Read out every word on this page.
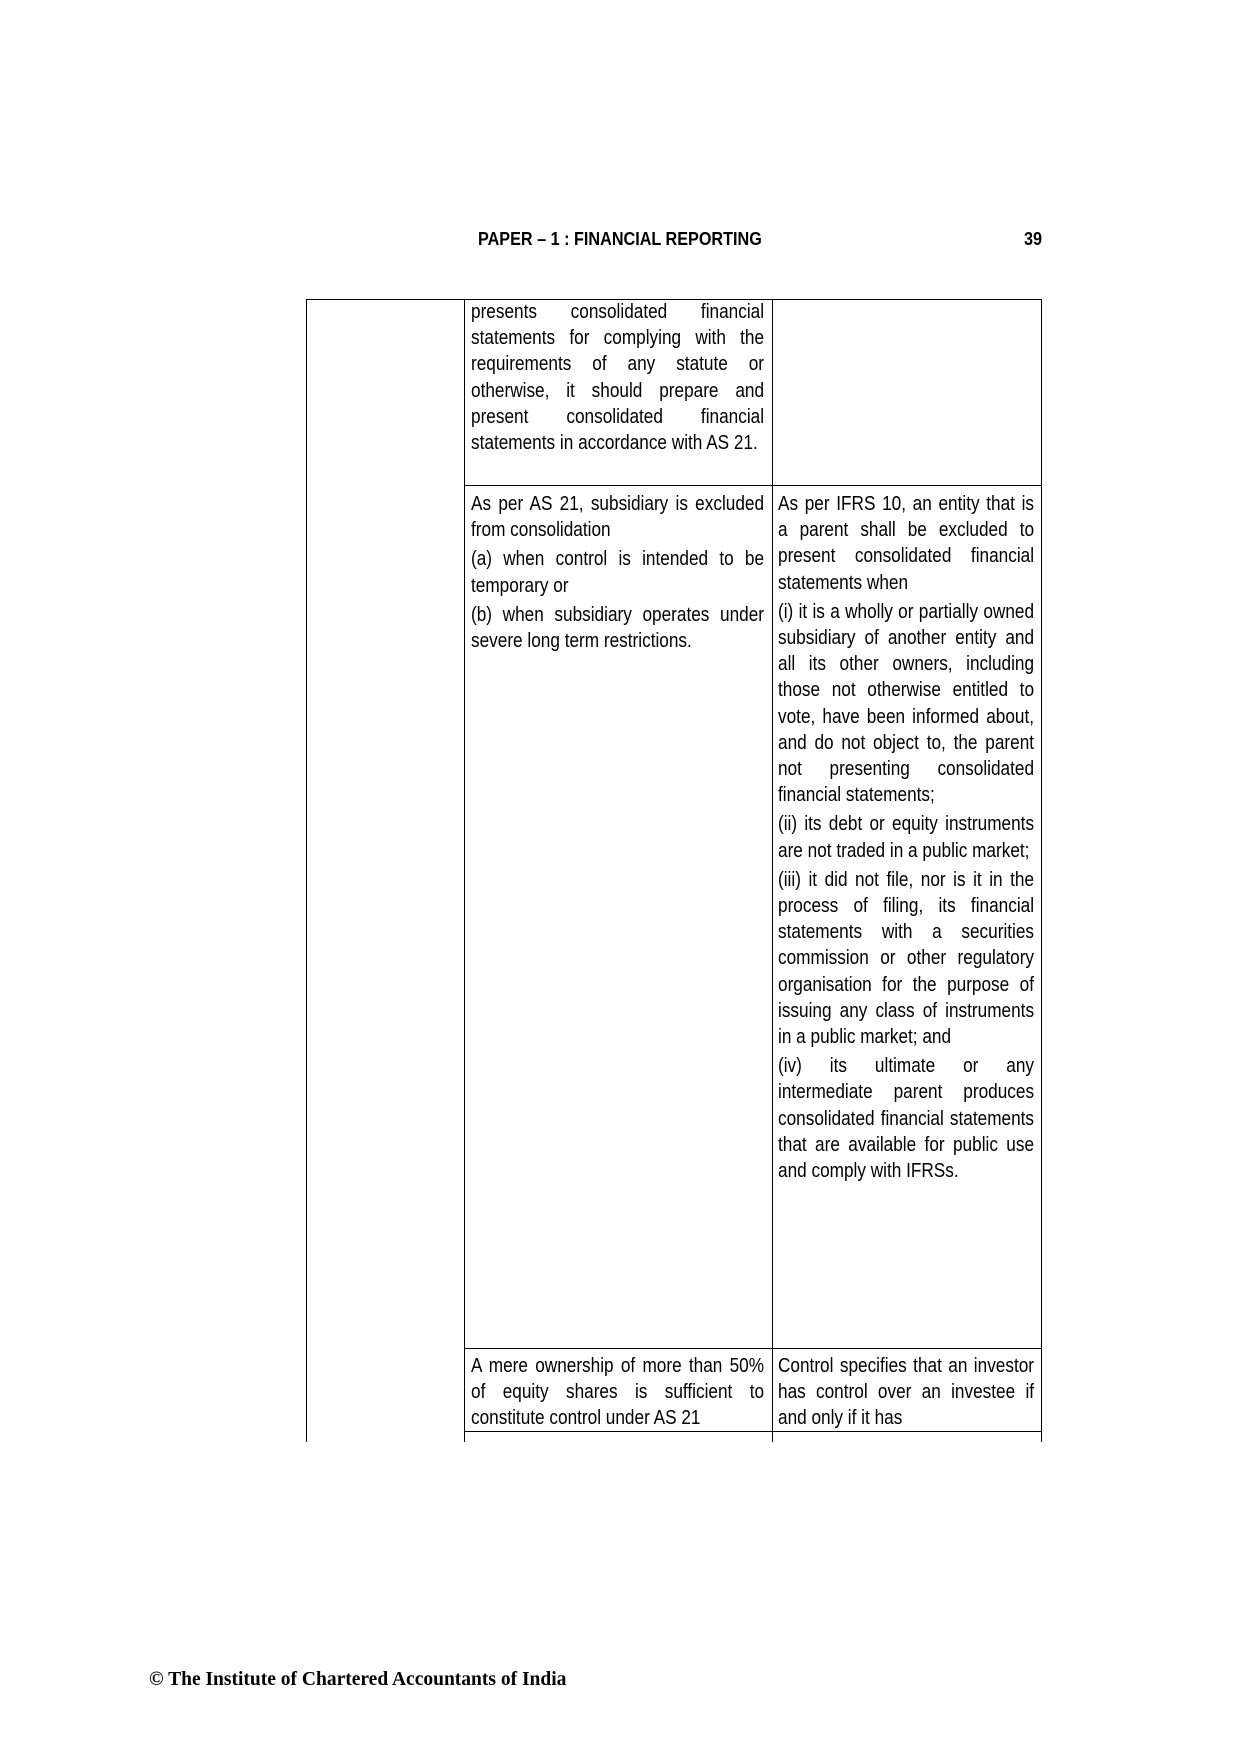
PAPER – 1 : FINANCIAL REPORTING	39
presents consolidated financial statements for complying with the requirements of any statute or otherwise, it should prepare and present consolidated financial statements in accordance with AS 21.
As per AS 21, subsidiary is excluded from consolidation
(a) when control is intended to be temporary or
(b) when subsidiary operates under severe long term restrictions.
As per IFRS 10, an entity that is a parent shall be excluded to present consolidated financial statements when
(i) it is a wholly or partially owned subsidiary of another entity and all its other owners, including those not otherwise entitled to vote, have been informed about, and do not object to, the parent not presenting consolidated financial statements;
(ii) its debt or equity instruments are not traded in a public market;
(iii) it did not file, nor is it in the process of filing, its financial statements with a securities commission or other regulatory organisation for the purpose of issuing any class of instruments in a public market; and
(iv) its ultimate or any intermediate parent produces consolidated financial statements that are available for public use and comply with IFRSs.
A mere ownership of more than 50% of equity shares is sufficient to constitute control under AS 21
Control specifies that an investor has control over an investee if and only if it has
© The Institute of Chartered Accountants of India
